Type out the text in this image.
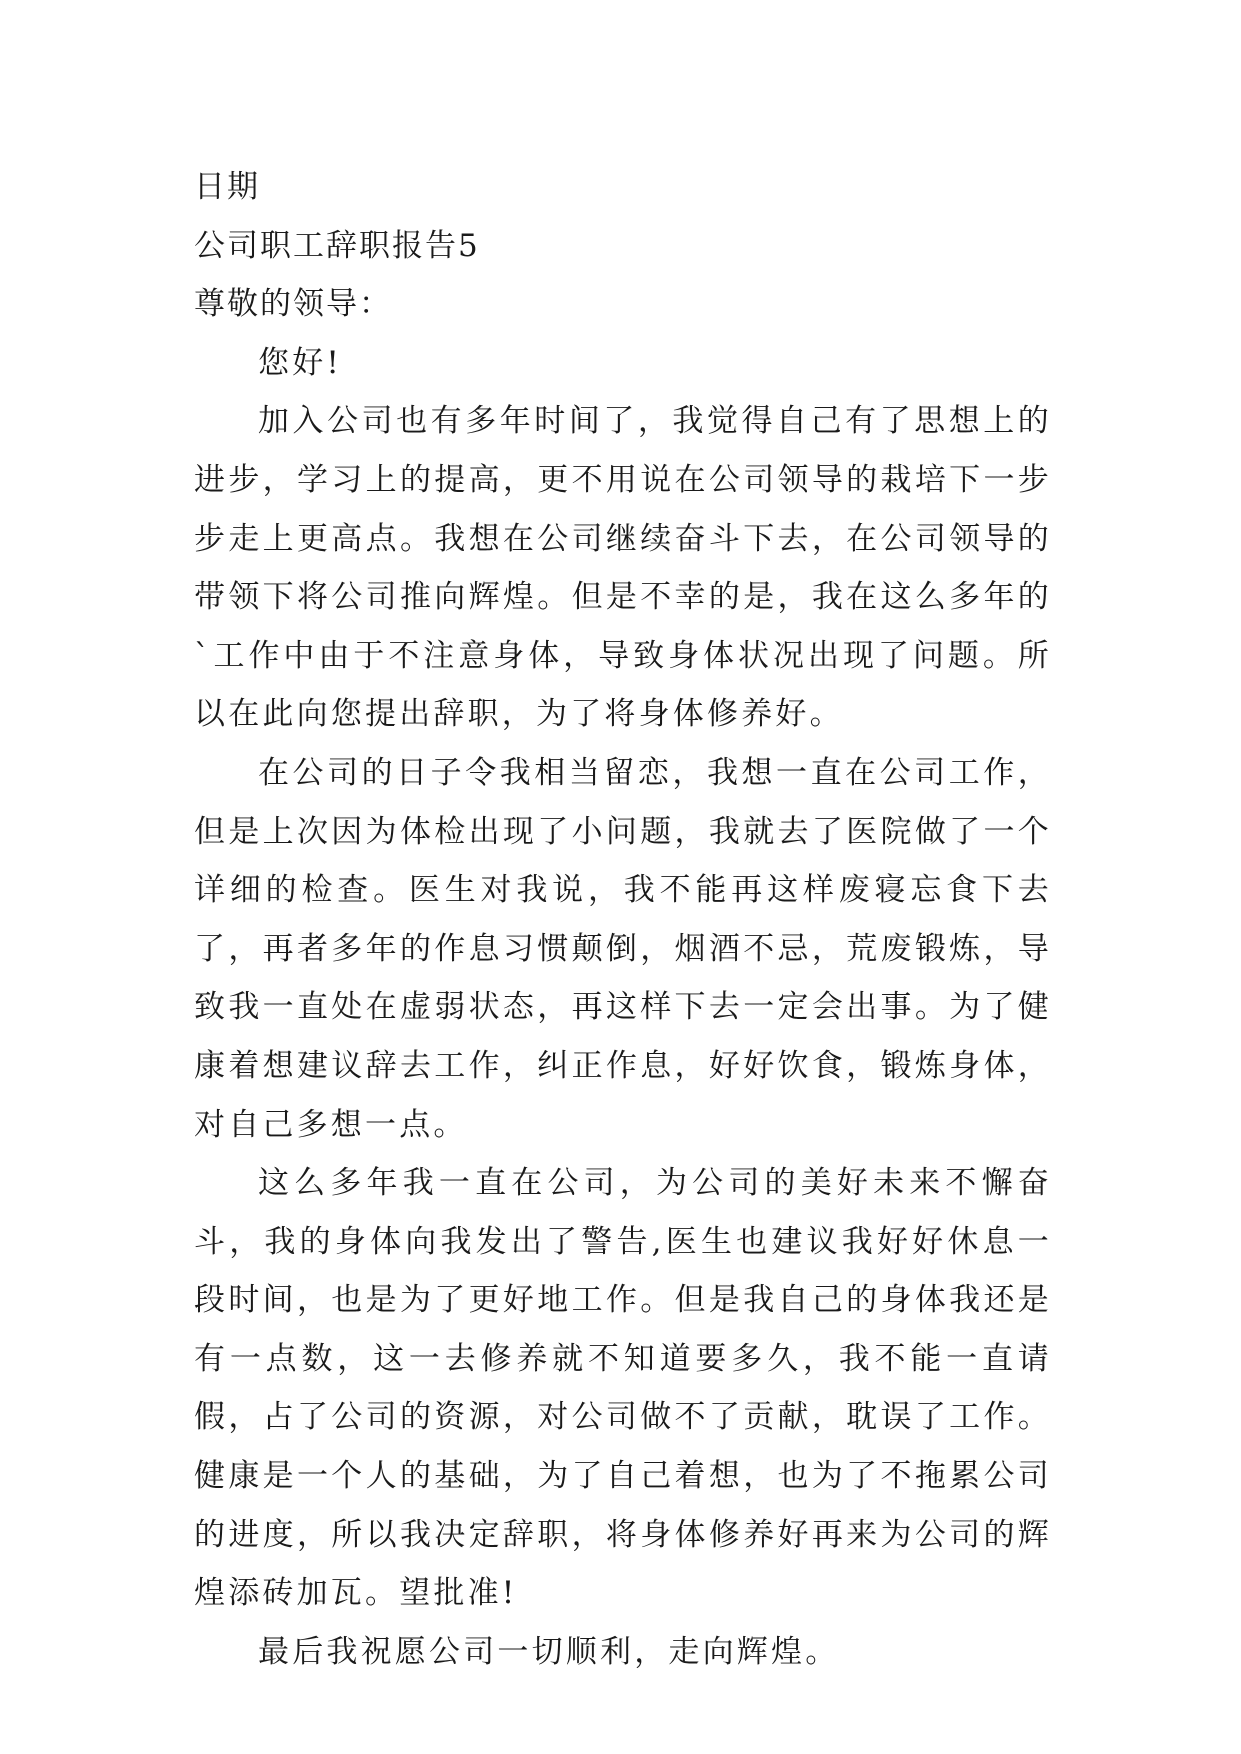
日期

公司职工辞职报告5

尊敬的领导：

您好!

加入公司也有多年时间了，我觉得自己有了思想上的进步，学习上的提高，更不用说在公司领导的栽培下一步步走上更高点。我想在公司继续奋斗下去，在公司领导的带领下将公司推向辉煌。但是不幸的是，我在这么多年的`工作中由于不注意身体，导致身体状况出现了问题。所以在此向您提出辞职，为了将身体修养好。

在公司的日子令我相当留恋，我想一直在公司工作，但是上次因为体检出现了小问题，我就去了医院做了一个详细的检查。医生对我说，我不能再这样废寝忘食下去了，再者多年的作息习惯颠倒，烟酒不忌，荒废锻炼，导致我一直处在虚弱状态，再这样下去一定会出事。为了健康着想建议辞去工作，纠正作息，好好饮食，锻炼身体，对自己多想一点。

这么多年我一直在公司，为公司的美好未来不懈奋斗，我的身体向我发出了警告,医生也建议我好好休息一段时间，也是为了更好地工作。但是我自己的身体我还是有一点数，这一去修养就不知道要多久，我不能一直请假，占了公司的资源，对公司做不了贡献，耽误了工作。健康是一个人的基础，为了自己着想，也为了不拖累公司的进度，所以我决定辞职，将身体修养好再来为公司的辉煌添砖加瓦。望批准!

最后我祝愿公司一切顺利，走向辉煌。
